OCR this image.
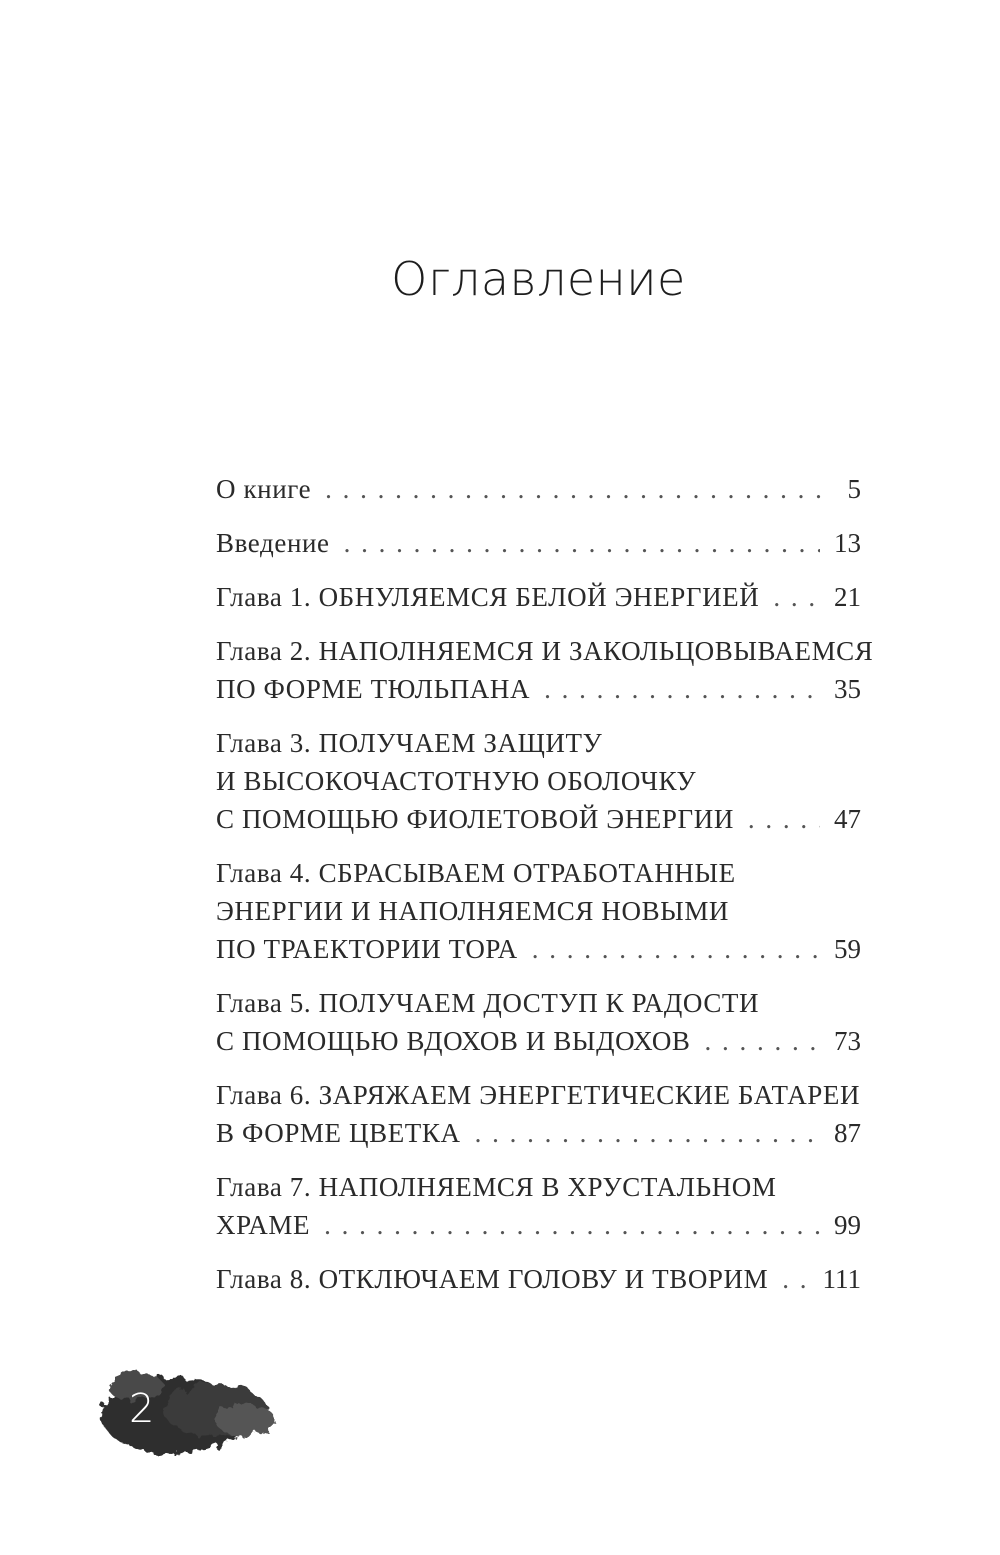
Оглавление
О книге . . .	5
Введение . . .	13
Глава 1. ОБНУЛЯЕМСЯ БЕЛОЙ ЭНЕРГИЕЙ . . .	21
Глава 2. НАПОЛНЯЕМСЯ И ЗАКОЛЬЦОВЫВАЕМСЯ
ПО ФОРМЕ ТЮЛЬПАНА . . .	35
Глава 3. ПОЛУЧАЕМ ЗАЩИТУ
И ВЫСОКОЧАСТОТНУЮ ОБОЛОЧКУ
С ПОМОЩЬЮ ФИОЛЕТОВОЙ ЭНЕРГИИ . . .	47
Глава 4. СБРАСЫВАЕМ ОТРАБОТАННЫЕ
ЭНЕРГИИ И НАПОЛНЯЕМСЯ НОВЫМИ
ПО ТРАЕКТОРИИ ТОРА . . .	59
Глава 5. ПОЛУЧАЕМ ДОСТУП К РАДОСТИ
С ПОМОЩЬЮ ВДОХОВ И ВЫДОХОВ . . .	73
Глава 6. ЗАРЯЖАЕМ ЭНЕРГЕТИЧЕСКИЕ БАТАРЕИ
В ФОРМЕ ЦВЕТКА . . .	87
Глава 7. НАПОЛНЯЕМСЯ В ХРУСТАЛЬНОМ
ХРАМЕ . . .	99
Глава 8. ОТКЛЮЧАЕМ ГОЛОВУ И ТВОРИМ . . . 111
2
